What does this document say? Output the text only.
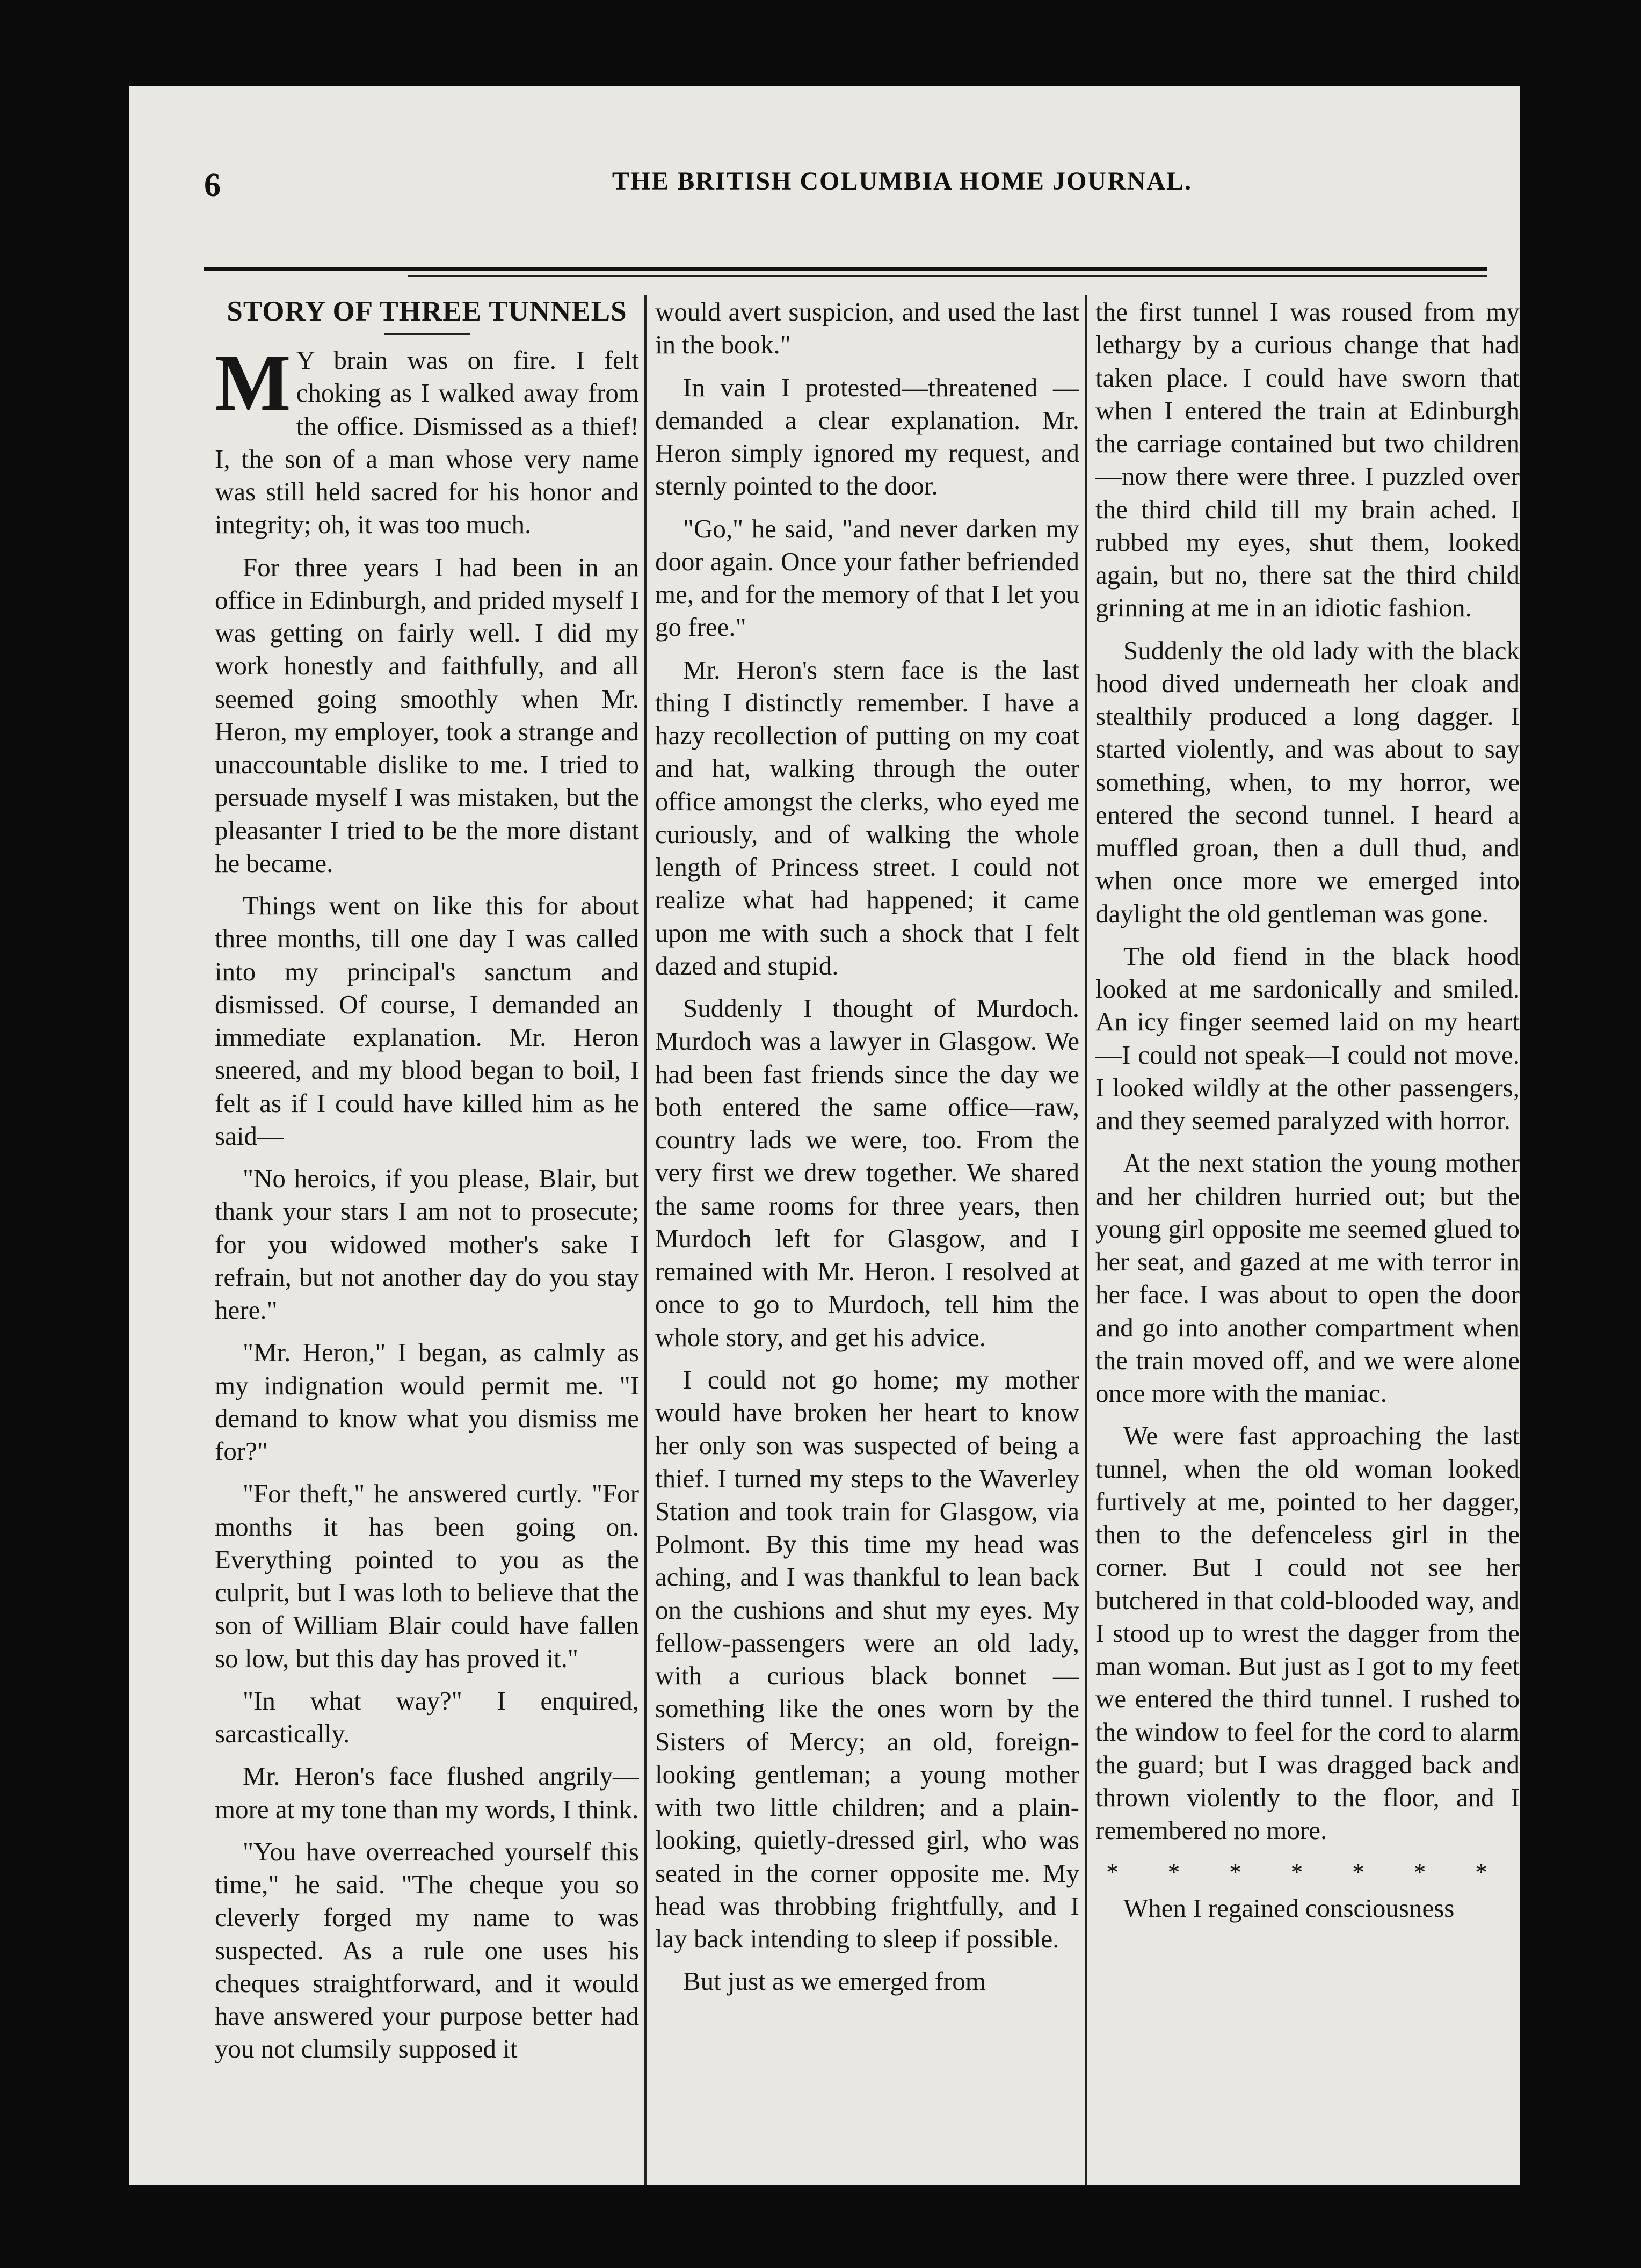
6	THE BRITISH COLUMBIA HOME JOURNAL.
STORY OF THREE TUNNELS

M Y brain was on fire. I felt choking as I walked away from the office. Dismissed as a thief! I, the son of a man whose very name was still held sacred for his honor and integrity; oh, it was too much.

For three years I had been in an office in Edinburgh, and prided myself I was getting on fairly well. I did my work honestly and faithfully, and all seemed going smoothly when Mr. Heron, my employer, took a strange and unaccountable dislike to me. I tried to persuade myself I was mistaken, but the pleasanter I tried to be the more distant he became.

Things went on like this for about three months, till one day I was called into my principal's sanctum and dismissed. Of course, I demanded an immediate explanation. Mr. Heron sneered, and my blood began to boil, I felt as if I could have killed him as he said—

"No heroics, if you please, Blair, but thank your stars I am not to prosecute; for you widowed mother's sake I refrain, but not another day do you stay here."

"Mr. Heron," I began, as calmly as my indignation would permit me. "I demand to know what you dismiss me for?"

"For theft," he answered curtly. "For months it has been going on. Everything pointed to you as the culprit, but I was loth to believe that the son of William Blair could have fallen so low, but this day has proved it."

"In what way?" I enquired, sarcastically.

Mr. Heron's face flushed angrily—more at my tone than my words, I think.

"You have overreached yourself this time," he said. "The cheque you so cleverly forged my name to was suspected. As a rule one uses his cheques straightforward, and it would have answered your purpose better had you not clumsily supposed it

would avert suspicion, and used the last in the book."

In vain I protested—threatened —demanded a clear explanation. Mr. Heron simply ignored my request, and sternly pointed to the door.

"Go," he said, "and never darken my door again. Once your father befriended me, and for the memory of that I let you go free."

Mr. Heron's stern face is the last thing I distinctly remember. I have a hazy recollection of putting on my coat and hat, walking through the outer office amongst the clerks, who eyed me curiously, and of walking the whole length of Princess street. I could not realize what had happened; it came upon me with such a shock that I felt dazed and stupid.

Suddenly I thought of Murdoch. Murdoch was a lawyer in Glasgow. We had been fast friends since the day we both entered the same office—raw, country lads we were, too. From the very first we drew together. We shared the same rooms for three years, then Murdoch left for Glasgow, and I remained with Mr. Heron. I resolved at once to go to Murdoch, tell him the whole story, and get his advice.

I could not go home; my mother would have broken her heart to know her only son was suspected of being a thief. I turned my steps to the Waverley Station and took train for Glasgow, via Polmont. By this time my head was aching, and I was thankful to lean back on the cushions and shut my eyes. My fellow-passengers were an old lady, with a curious black bonnet —something like the ones worn by the Sisters of Mercy; an old, foreign-looking gentleman; a young mother with two little children; and a plain-looking, quietly-dressed girl, who was seated in the corner opposite me. My head was throbbing frightfully, and I lay back intending to sleep if possible.

But just as we emerged from

the first tunnel I was roused from my lethargy by a curious change that had taken place. I could have sworn that when I entered the train at Edinburgh the carriage contained but two children—now there were three. I puzzled over the third child till my brain ached. I rubbed my eyes, shut them, looked again, but no, there sat the third child grinning at me in an idiotic fashion.

Suddenly the old lady with the black hood dived underneath her cloak and stealthily produced a long dagger. I started violently, and was about to say something, when, to my horror, we entered the second tunnel. I heard a muffled groan, then a dull thud, and when once more we emerged into daylight the old gentleman was gone.

The old fiend in the black hood looked at me sardonically and smiled. An icy finger seemed laid on my heart—I could not speak—I could not move. I looked wildly at the other passengers, and they seemed paralyzed with horror.

At the next station the young mother and her children hurried out; but the young girl opposite me seemed glued to her seat, and gazed at me with terror in her face. I was about to open the door and go into another compartment when the train moved off, and we were alone once more with the maniac.

We were fast approaching the last tunnel, when the old woman looked furtively at me, pointed to her dagger, then to the defenceless girl in the corner. But I could not see her butchered in that cold-blooded way, and I stood up to wrest the dagger from the man woman. But just as I got to my feet we entered the third tunnel. I rushed to the window to feel for the cord to alarm the guard; but I was dragged back and thrown violently to the floor, and I remembered no more.

* * * * * * *

When I regained consciousness
